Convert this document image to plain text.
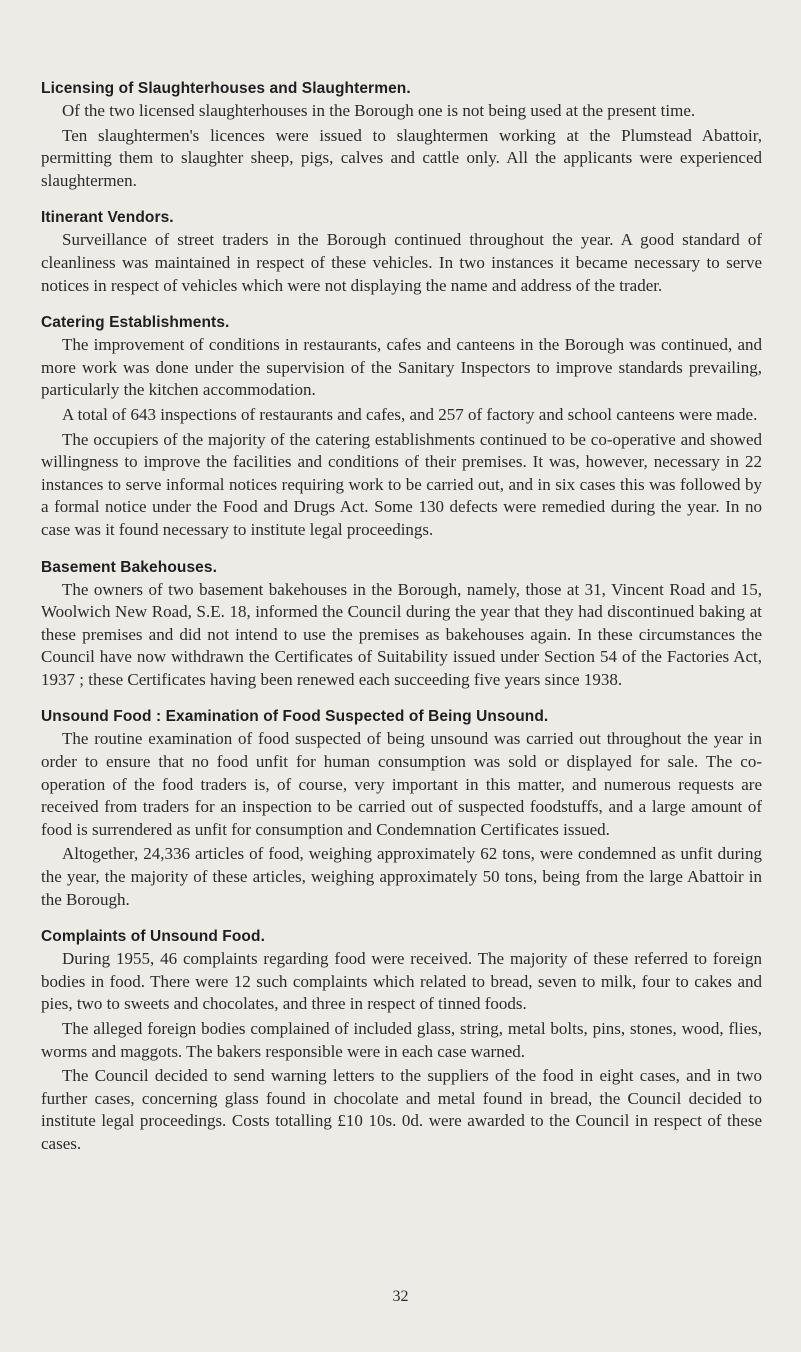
Licensing of Slaughterhouses and Slaughtermen.

Of the two licensed slaughterhouses in the Borough one is not being used at the present time.

Ten slaughtermen's licences were issued to slaughtermen working at the Plumstead Abattoir, permitting them to slaughter sheep, pigs, calves and cattle only. All the applicants were experienced slaughtermen.

Itinerant Vendors.

Surveillance of street traders in the Borough continued throughout the year. A good standard of cleanliness was maintained in respect of these vehicles. In two instances it became necessary to serve notices in respect of vehicles which were not displaying the name and address of the trader.

Catering Establishments.

The improvement of conditions in restaurants, cafes and canteens in the Borough was continued, and more work was done under the supervision of the Sanitary Inspectors to improve standards prevailing, particularly the kitchen accommodation.

A total of 643 inspections of restaurants and cafes, and 257 of factory and school canteens were made.

The occupiers of the majority of the catering establishments continued to be co-operative and showed willingness to improve the facilities and conditions of their premises. It was, however, necessary in 22 instances to serve informal notices requiring work to be carried out, and in six cases this was followed by a formal notice under the Food and Drugs Act. Some 130 defects were remedied during the year. In no case was it found necessary to institute legal proceedings.

Basement Bakehouses.

The owners of two basement bakehouses in the Borough, namely, those at 31, Vincent Road and 15, Woolwich New Road, S.E. 18, informed the Council during the year that they had discontinued baking at these premises and did not intend to use the premises as bakehouses again. In these circumstances the Council have now withdrawn the Certificates of Suitability issued under Section 54 of the Factories Act, 1937 ; these Certificates having been renewed each succeeding five years since 1938.

Unsound Food : Examination of Food Suspected of Being Unsound.

The routine examination of food suspected of being unsound was carried out throughout the year in order to ensure that no food unfit for human consumption was sold or displayed for sale. The co-operation of the food traders is, of course, very important in this matter, and numerous requests are received from traders for an inspection to be carried out of suspected foodstuffs, and a large amount of food is surrendered as unfit for consumption and Condemnation Certificates issued.

Altogether, 24,336 articles of food, weighing approximately 62 tons, were condemned as unfit during the year, the majority of these articles, weighing approximately 50 tons, being from the large Abattoir in the Borough.

Complaints of Unsound Food.

During 1955, 46 complaints regarding food were received. The majority of these referred to foreign bodies in food. There were 12 such complaints which related to bread, seven to milk, four to cakes and pies, two to sweets and chocolates, and three in respect of tinned foods.

The alleged foreign bodies complained of included glass, string, metal bolts, pins, stones, wood, flies, worms and maggots. The bakers responsible were in each case warned.

The Council decided to send warning letters to the suppliers of the food in eight cases, and in two further cases, concerning glass found in chocolate and metal found in bread, the Council decided to institute legal proceedings. Costs totalling £10 10s. 0d. were awarded to the Council in respect of these cases.

32
